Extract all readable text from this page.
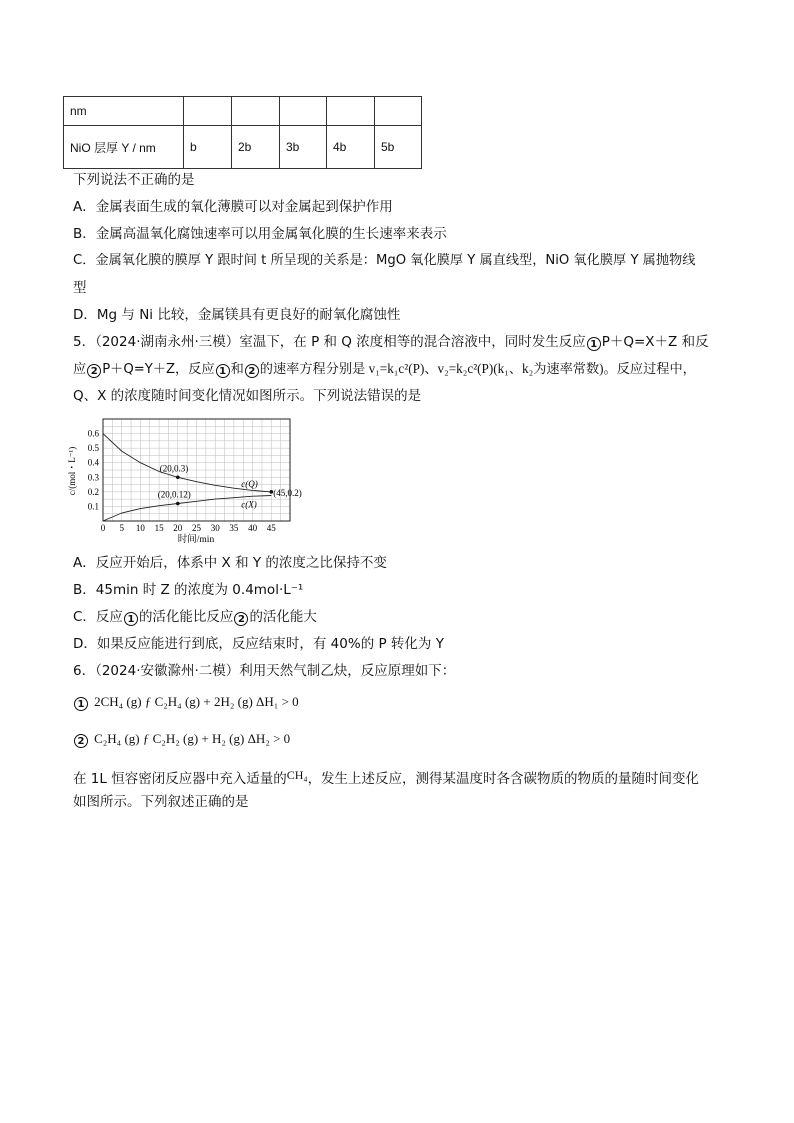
nm					
NiO 层厚 Y / nm	b	2b	3b	4b	5b
下列说法不正确的是
A．金属表面生成的氧化薄膜可以对金属起到保护作用
B．金属高温氧化腐蚀速率可以用金属氧化膜的生长速率来表示
C．金属氧化膜的膜厚 Y 跟时间 t 所呈现的关系是：MgO 氧化膜厚 Y 属直线型，NiO 氧化膜厚 Y 属抛物线
型
D．Mg 与 Ni 比较，金属镁具有更良好的耐氧化腐蚀性
5．（2024·湖南永州·三模）室温下，在 P 和 Q 浓度相等的混合溶液中，同时发生反应 1 P＋Q=X＋Z 和反
应 2 P＋Q=Y＋Z，反应 1 和 2 的速率方程分别是 v₁=k₁c²(P)、v₂=k₂c²(P)(k₁、k₂为速率常数)。反应过程中，
Q、X 的浓度随时间变化情况如图所示。下列说法错误的是
0.1
0.2
0.3
0.4
0.5
0.6
0 5 10 15 20 25 30 35 40 45
c(Q)
c(X)
(20,0.3)
(20,0.12)	(45,0.2)
c/(mol・L⁻¹)
时间/min
A．反应开始后，体系中 X 和 Y 的浓度之比保持不变
B．45min 时 Z 的浓度为 0.4mol·L⁻¹
C．反应 1 的活化能比反应 2 的活化能大
D．如果反应能进行到底，反应结束时，有 40%的 P 转化为 Y
6．（2024·安徽滁州·二模）利用天然气制乙炔，反应原理如下：
1 2CH₄ (g) ƒ C₂H₄ (g) + 2H₂ (g) ΔH₁ > 0
2 C₂H₄ (g) ƒ C₂H₂ (g) + H₂ (g) ΔH₂ > 0
在 1L 恒容密闭反应器中充入适量的CH₄，发生上述反应，测得某温度时各含碳物质的物质的量随时间变化
如图所示。下列叙述正确的是
